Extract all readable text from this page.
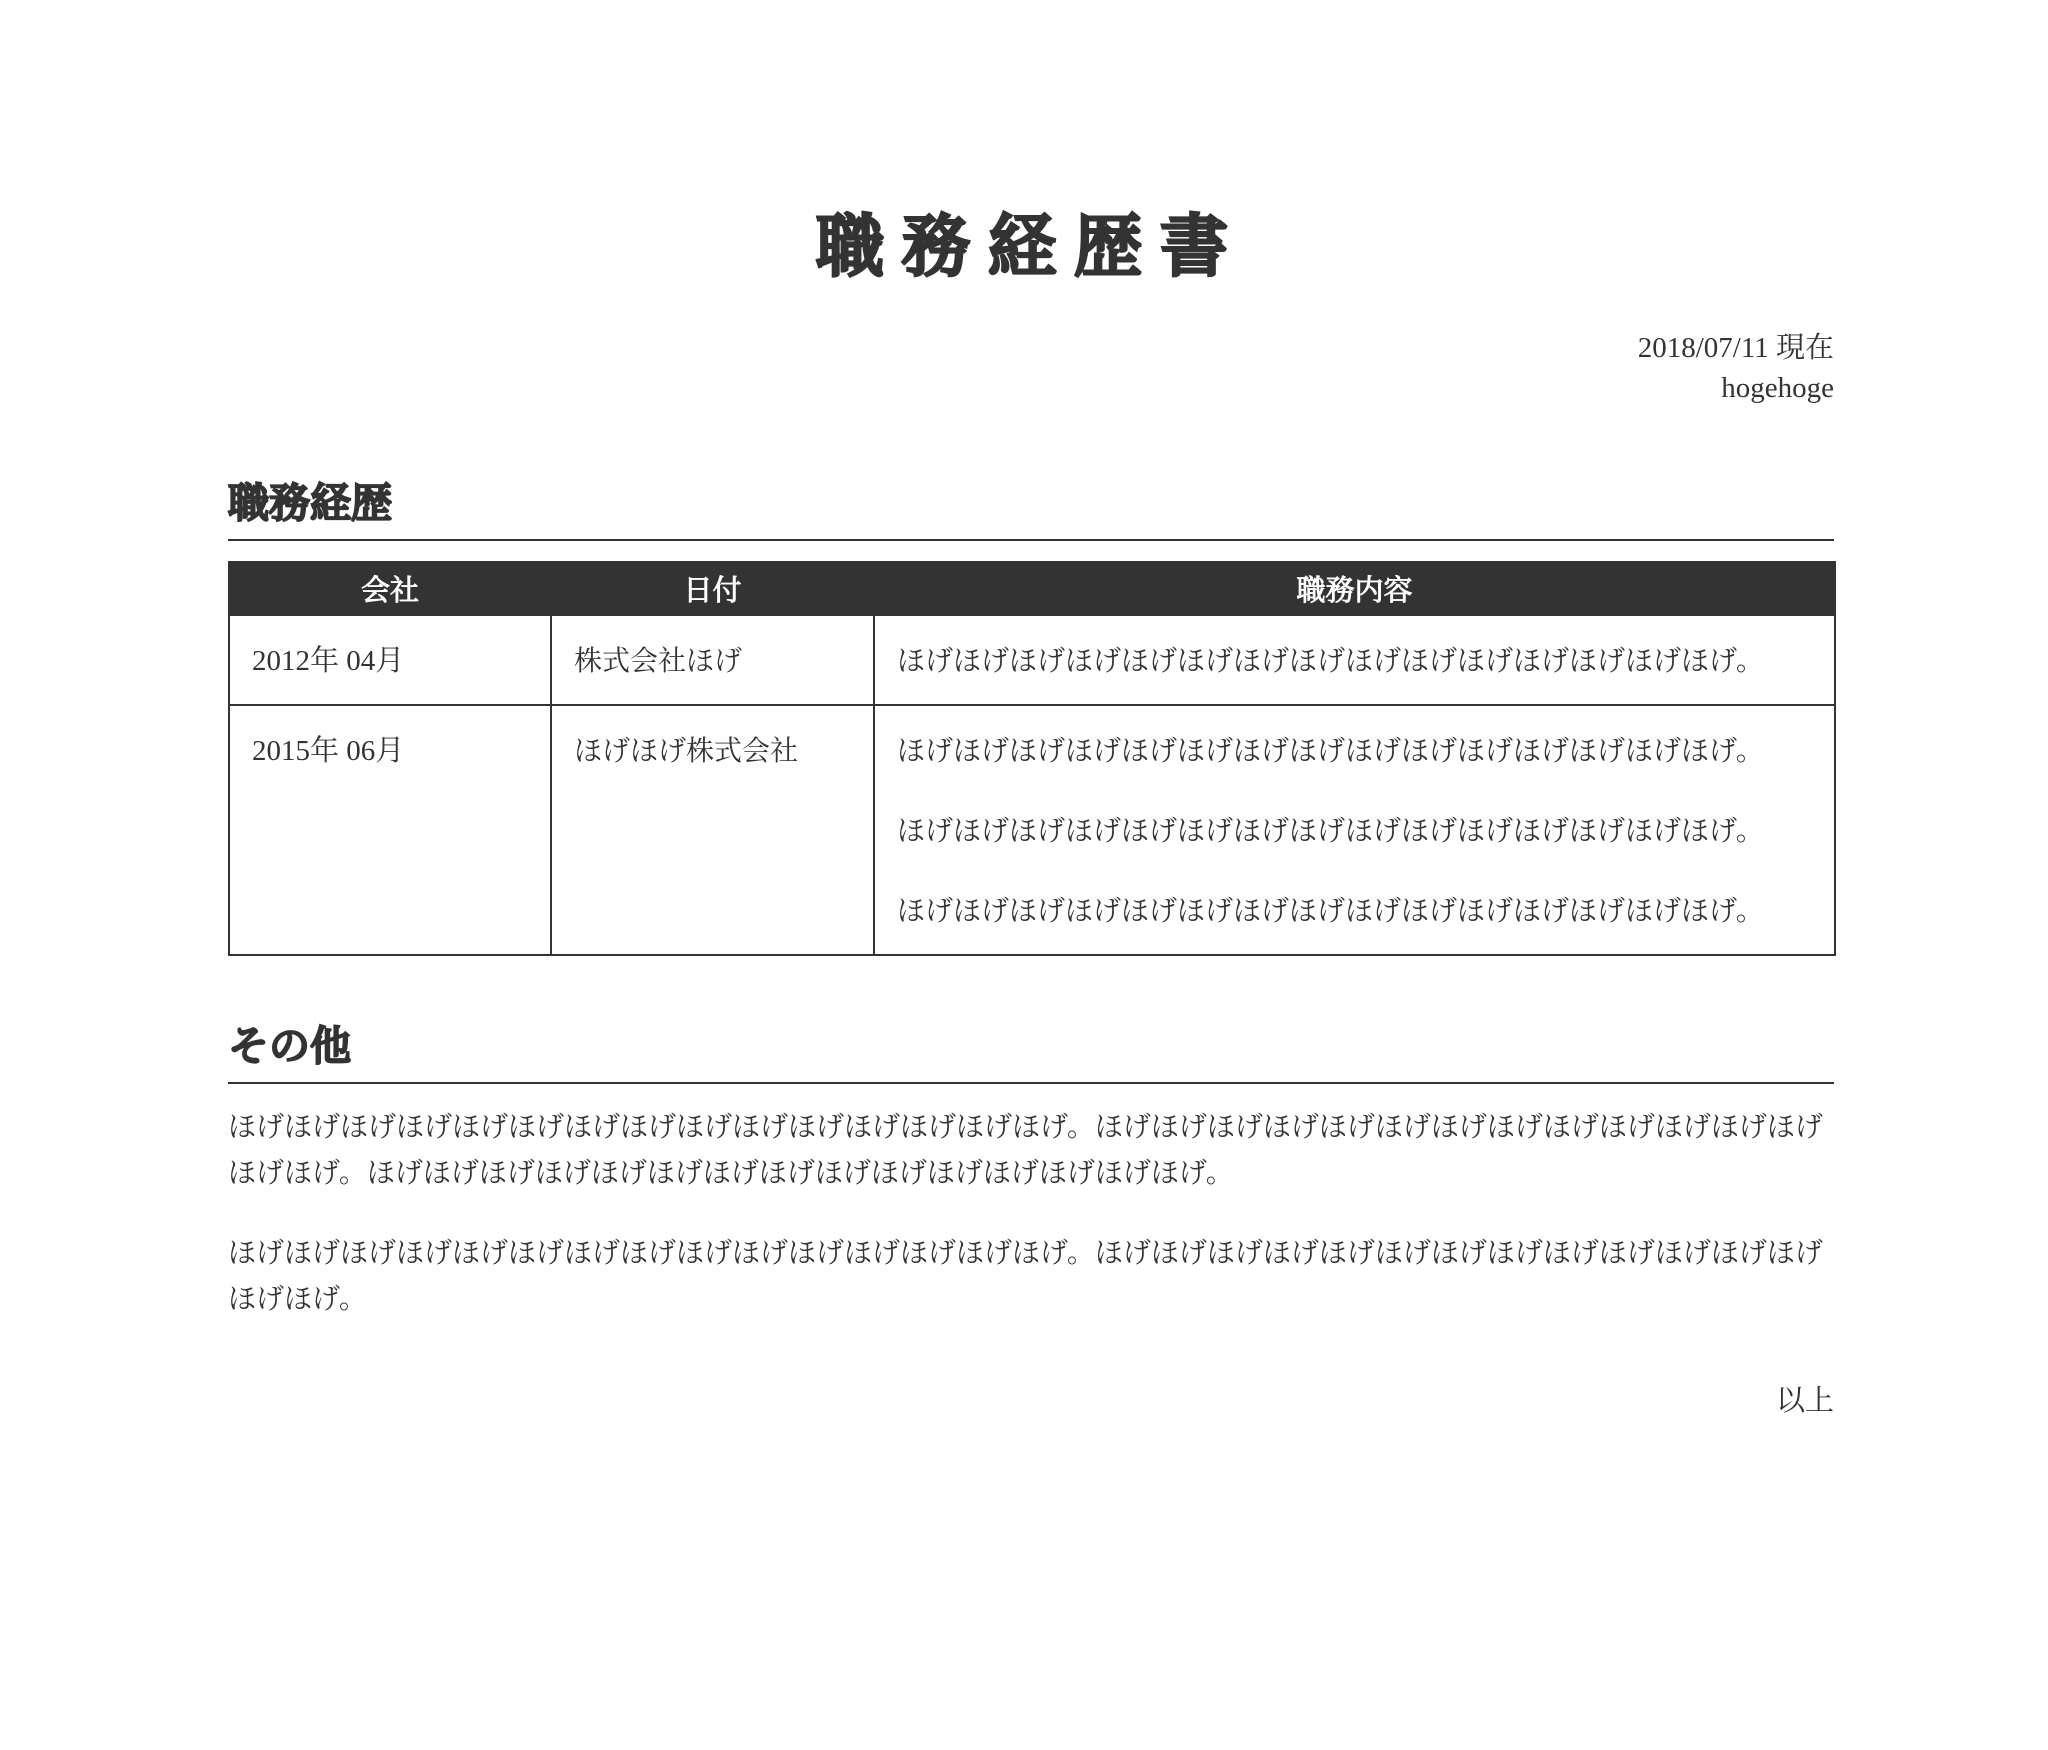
職務経歴書
2018/07/11 現在
hogehoge
職務経歴
会社	日付	職務内容
2012年 04月	株式会社ほげ	ほげほげほげほげほげほげほげほげほげほげほげほげほげほげほげ。

2015年 06月	ほげほげ株式会社	ほげほげほげほげほげほげほげほげほげほげほげほげほげほげほげ。

ほげほげほげほげほげほげほげほげほげほげほげほげほげほげほげ。

ほげほげほげほげほげほげほげほげほげほげほげほげほげほげほげ。

その他

ほげほげほげほげほげほげほげほげほげほげほげほげほげほげほげ。ほげほげほげほげほげほげほげほげほげほげほげほげほげほげほげ。ほげほげほげほげほげほげほげほげほげほげほげほげほげほげほげ。

ほげほげほげほげほげほげほげほげほげほげほげほげほげほげほげ。ほげほげほげほげほげほげほげほげほげほげほげほげほげほげほげ。

以上
